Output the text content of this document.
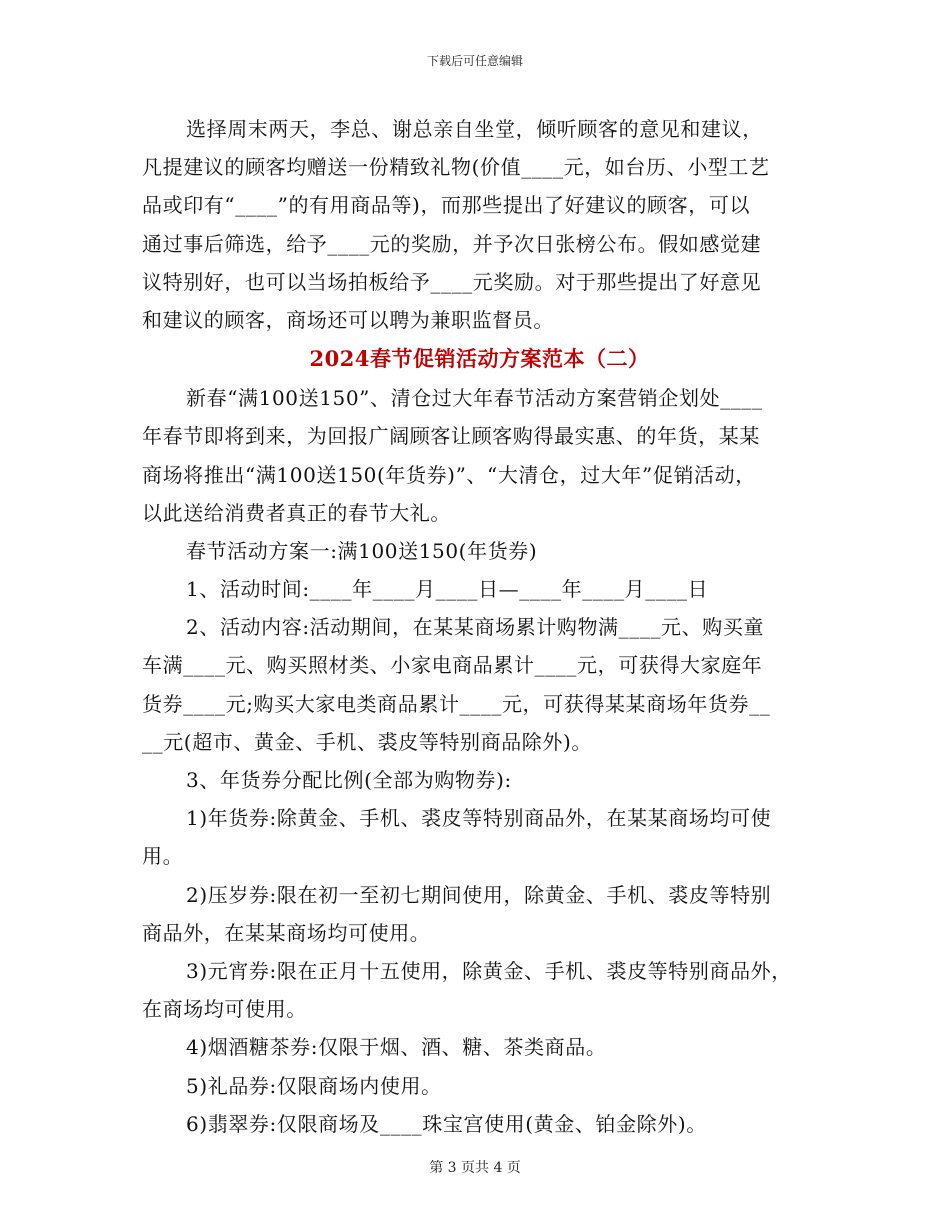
下载后可任意编辑
选择周末两天，李总、谢总亲自坐堂，倾听顾客的意见和建议，
凡提建议的顾客均赠送一份精致礼物(价值____元，如台历、小型工艺
品或印有“____”的有用商品等)，而那些提出了好建议的顾客，可以
通过事后筛选，给予____元的奖励，并予次日张榜公布。假如感觉建
议特别好，也可以当场拍板给予____元奖励。对于那些提出了好意见
和建议的顾客，商场还可以聘为兼职监督员。
2024春节促销活动方案范本（二）
新春“满100送150”、清仓过大年春节活动方案营销企划处____
年春节即将到来，为回报广阔顾客让顾客购得最实惠、的年货，某某
商场将推出“满100送150(年货券)”、“大清仓，过大年”促销活动，
以此送给消费者真正的春节大礼。
春节活动方案一:满100送150(年货券)
1、活动时间:____年____月____日—____年____月____日
2、活动内容:活动期间，在某某商场累计购物满____元、购买童
车满____元、购买照材类、小家电商品累计____元，可获得大家庭年
货券____元;购买大家电类商品累计____元，可获得某某商场年货券__
__元(超市、黄金、手机、裘皮等特别商品除外)。
3、年货券分配比例(全部为购物券):
1)年货券:除黄金、手机、裘皮等特别商品外，在某某商场均可使
用。
2)压岁券:限在初一至初七期间使用，除黄金、手机、裘皮等特别
商品外，在某某商场均可使用。
3)元宵券:限在正月十五使用，除黄金、手机、裘皮等特别商品外，
在商场均可使用。
4)烟酒糖茶券:仅限于烟、酒、糖、茶类商品。
5)礼品券:仅限商场内使用。
6)翡翠券:仅限商场及____珠宝宫使用(黄金、铂金除外)。
第 3 页共 4 页
